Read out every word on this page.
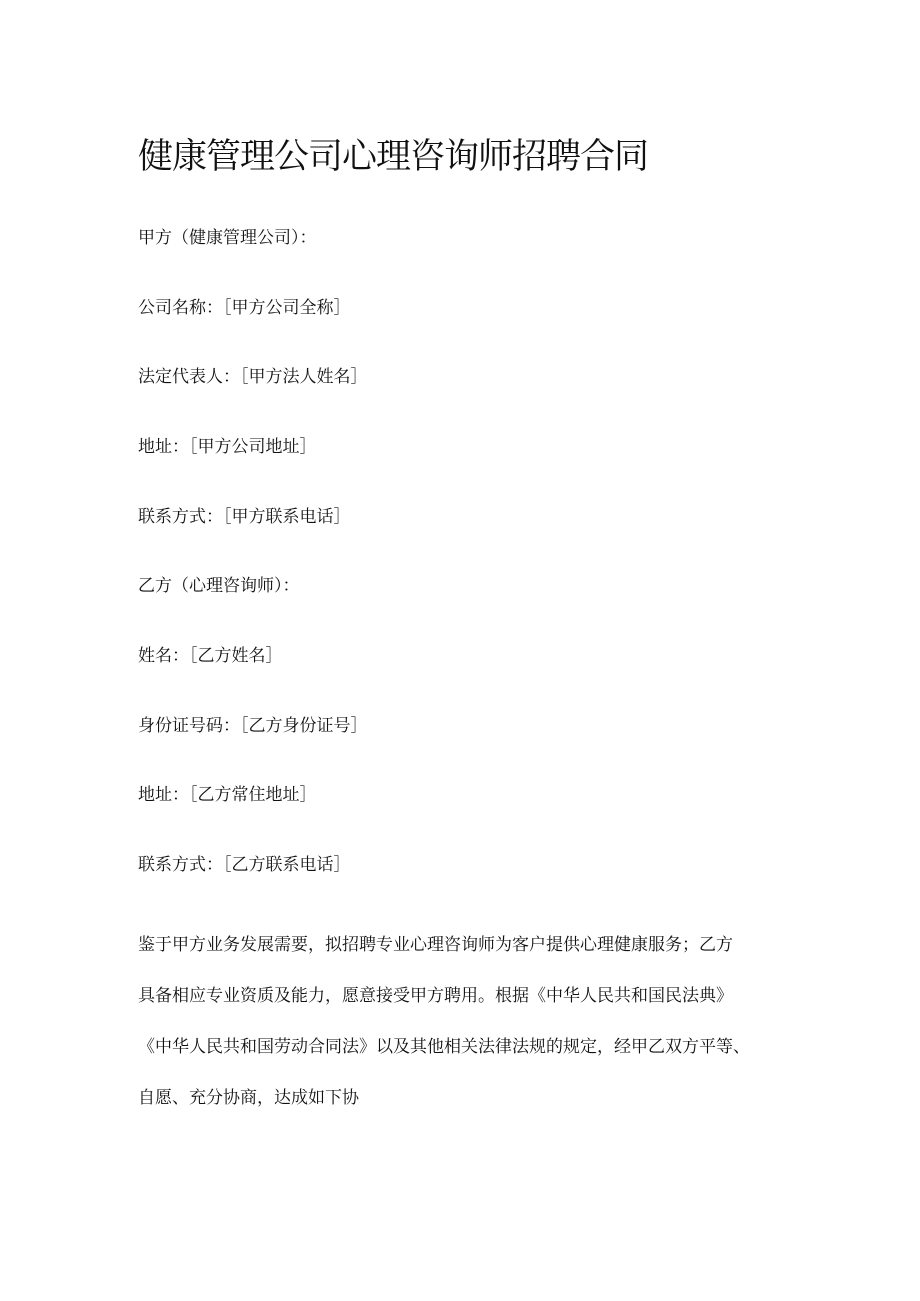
健康管理公司心理咨询师招聘合同
甲方（健康管理公司）：
公司名称：［甲方公司全称］
法定代表人：［甲方法人姓名］
地址：［甲方公司地址］
联系方式：［甲方联系电话］
乙方（心理咨询师）：
姓名：［乙方姓名］
身份证号码：［乙方身份证号］
地址：［乙方常住地址］
联系方式：［乙方联系电话］
鉴于甲方业务发展需要，拟招聘专业心理咨询师为客户提供心理健康服务；乙方
具备相应专业资质及能力，愿意接受甲方聘用。根据《中华人民共和国民法典》
《中华人民共和国劳动合同法》以及其他相关法律法规的规定，经甲乙双方平等、
自愿、充分协商，达成如下协
